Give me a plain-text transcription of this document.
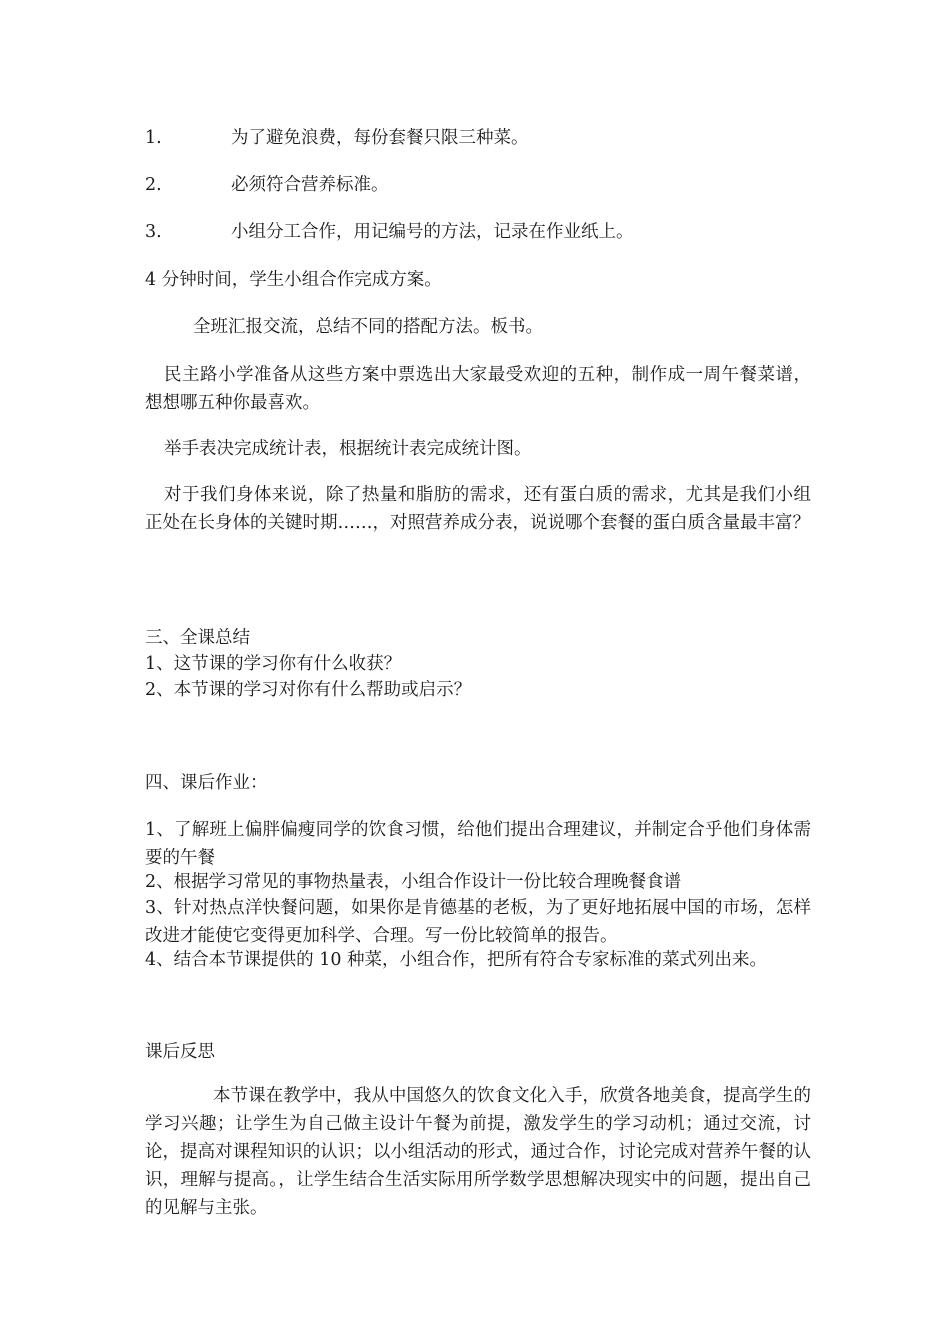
1.	为了避免浪费，每份套餐只限三种菜。
2.	必须符合营养标准。
3.	小组分工合作，用记编号的方法，记录在作业纸上。
4 分钟时间，学生小组合作完成方案。
全班汇报交流，总结不同的搭配方法。板书。
民主路小学准备从这些方案中票选出大家最受欢迎的五种，制作成一周午餐菜谱，想想哪五种你最喜欢。
举手表决完成统计表，根据统计表完成统计图。
对于我们身体来说，除了热量和脂肪的需求，还有蛋白质的需求，尤其是我们小组正处在长身体的关键时期……，对照营养成分表，说说哪个套餐的蛋白质含量最丰富？
三、全课总结
1、这节课的学习你有什么收获？
2、本节课的学习对你有什么帮助或启示？
四、课后作业：
1、了解班上偏胖偏瘦同学的饮食习惯，给他们提出合理建议，并制定合乎他们身体需要的午餐
2、根据学习常见的事物热量表，小组合作设计一份比较合理晚餐食谱
3、针对热点洋快餐问题，如果你是肯德基的老板，为了更好地拓展中国的市场，怎样改进才能使它变得更加科学、合理。写一份比较简单的报告。
4、结合本节课提供的 10 种菜，小组合作，把所有符合专家标准的菜式列出来。
课后反思
本节课在教学中，我从中国悠久的饮食文化入手，欣赏各地美食，提高学生的学习兴趣；让学生为自己做主设计午餐为前提，激发学生的学习动机；通过交流，讨论，提高对课程知识的认识；以小组活动的形式，通过合作，讨论完成对营养午餐的认识，理解与提高。，让学生结合生活实际用所学数学思想解决现实中的问题，提出自己的见解与主张。
